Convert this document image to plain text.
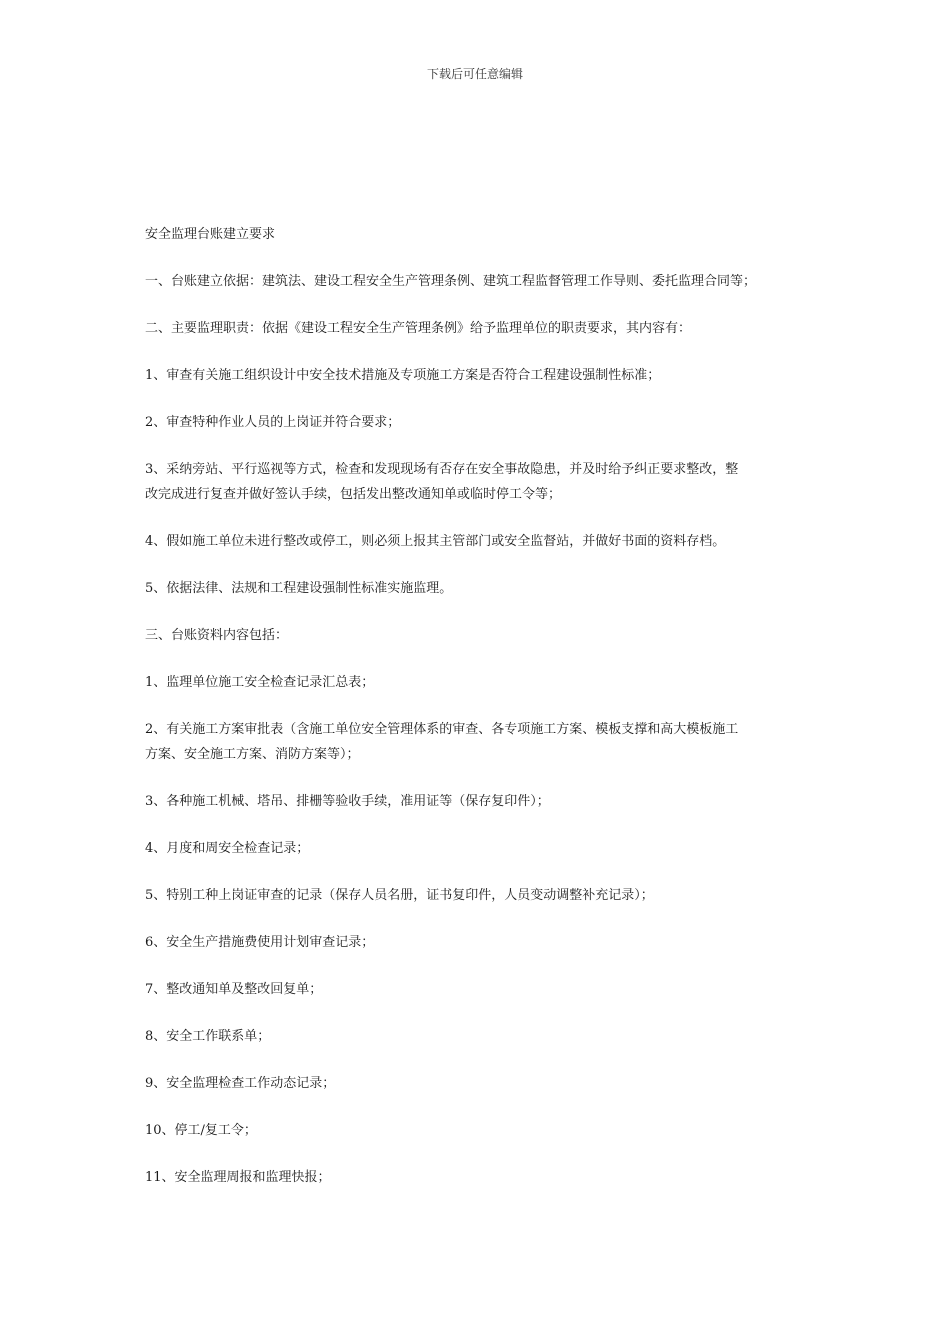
下载后可任意编辑

安全监理台账建立要求

一、台账建立依据：建筑法、建设工程安全生产管理条例、建筑工程监督管理工作导则、委托监理合同等；

二、主要监理职责：依据《建设工程安全生产管理条例》给予监理单位的职责要求，其内容有：

1、审查有关施工组织设计中安全技术措施及专项施工方案是否符合工程建设强制性标准；

2、审查特种作业人员的上岗证并符合要求；

3、采纳旁站、平行巡视等方式，检查和发现现场有否存在安全事故隐患，并及时给予纠正要求整改，整

改完成进行复查并做好签认手续，包括发出整改通知单或临时停工令等；

4、假如施工单位未进行整改或停工，则必须上报其主管部门或安全监督站，并做好书面的资料存档。

5、依据法律、法规和工程建设强制性标准实施监理。

三、台账资料内容包括：

1、监理单位施工安全检查记录汇总表；

2、有关施工方案审批表（含施工单位安全管理体系的审查、各专项施工方案、模板支撑和高大模板施工

方案、安全施工方案、消防方案等）；

3、各种施工机械、塔吊、排栅等验收手续，准用证等（保存复印件）；

4、月度和周安全检查记录；

5、特别工种上岗证审查的记录（保存人员名册，证书复印件，人员变动调整补充记录）；

6、安全生产措施费使用计划审查记录；

7、整改通知单及整改回复单；

8、安全工作联系单；

9、安全监理检查工作动态记录；

10、停工/复工令；

11、安全监理周报和监理快报；
